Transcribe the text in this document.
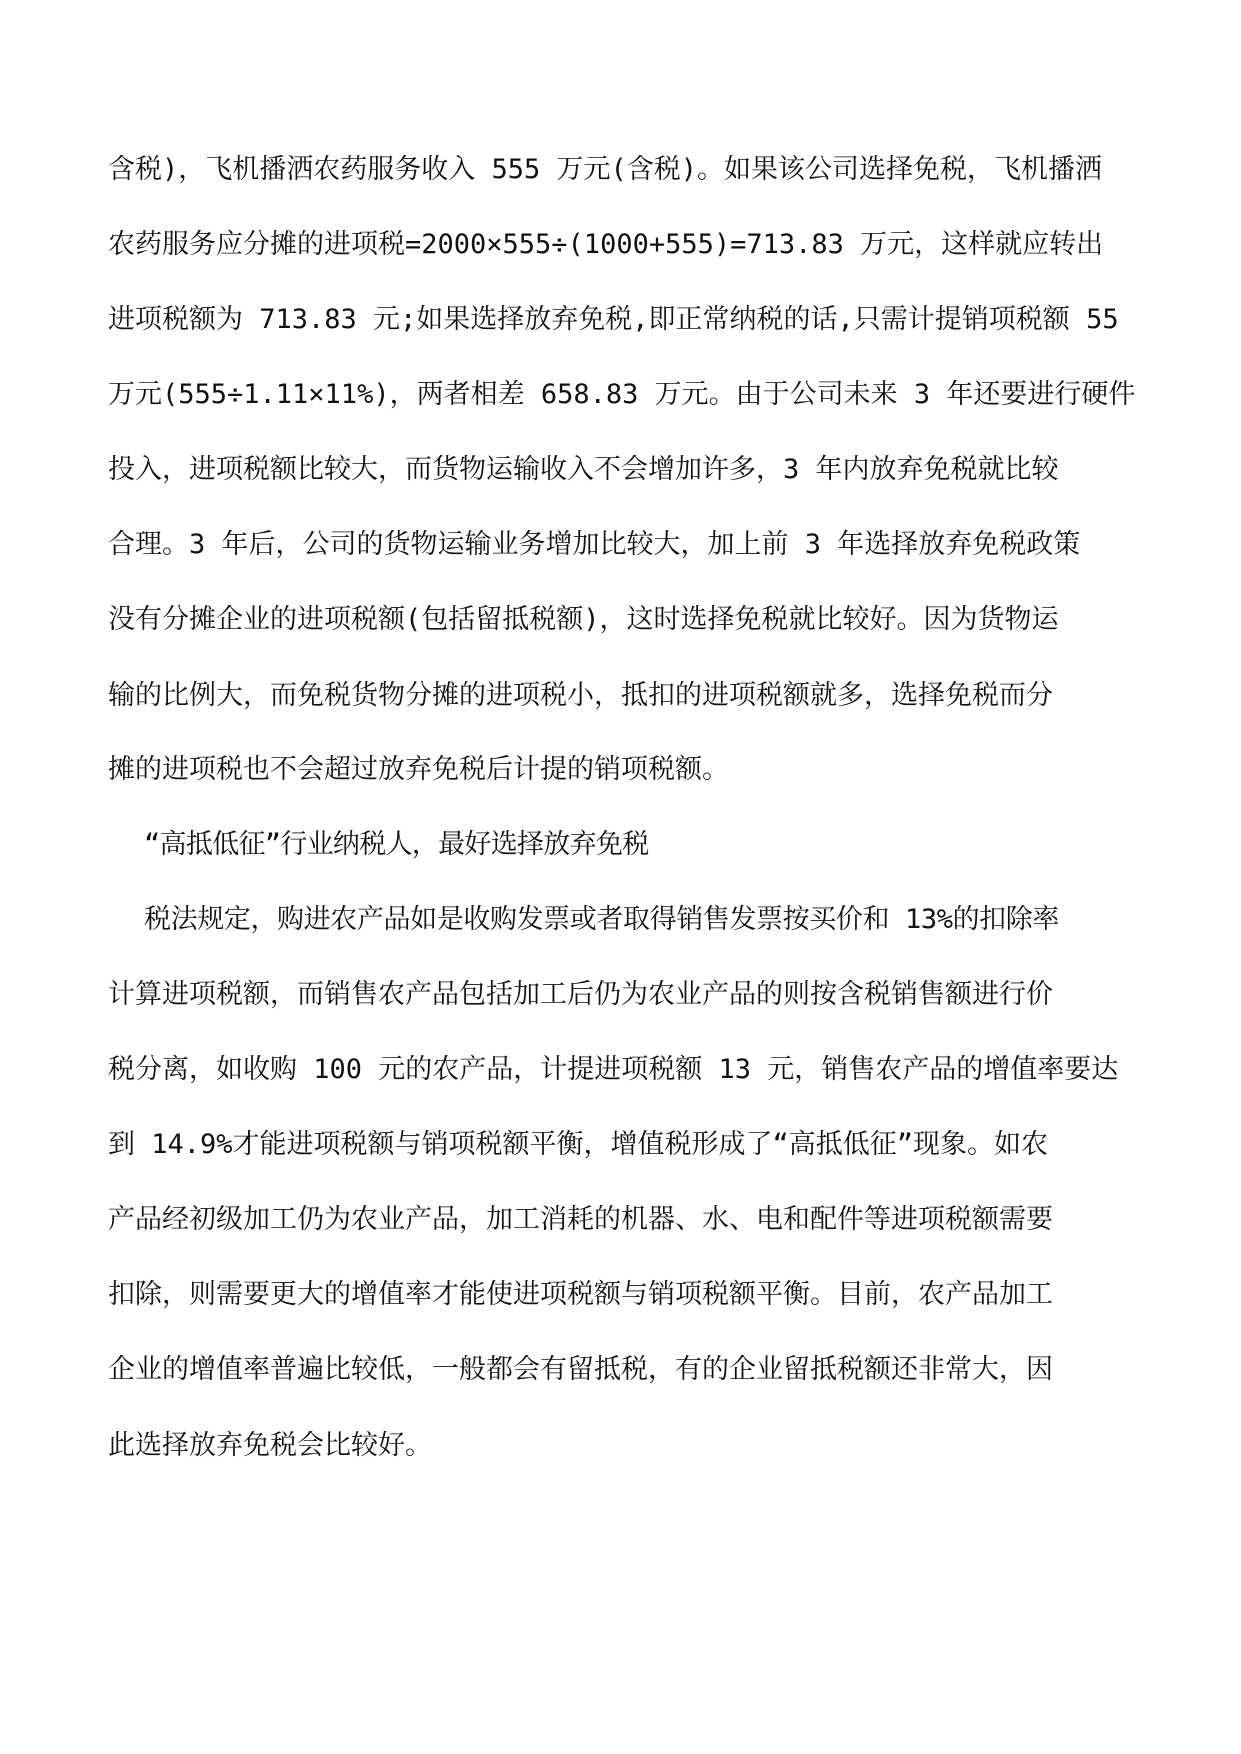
含税)，飞机播洒农药服务收入 555 万元(含税)。如果该公司选择免税，飞机播洒
农药服务应分摊的进项税=2000×555÷(1000+555)=713.83 万元，这样就应转出
进项税额为 713.83 元;如果选择放弃免税,即正常纳税的话,只需计提销项税额 55
万元(555÷1.11×11%)，两者相差 658.83 万元。由于公司未来 3 年还要进行硬件
投入，进项税额比较大，而货物运输收入不会增加许多，3 年内放弃免税就比较
合理。3 年后，公司的货物运输业务增加比较大，加上前 3 年选择放弃免税政策
没有分摊企业的进项税额(包括留抵税额)，这时选择免税就比较好。因为货物运
输的比例大，而免税货物分摊的进项税小，抵扣的进项税额就多，选择免税而分
摊的进项税也不会超过放弃免税后计提的销项税额。
“高抵低征”行业纳税人，最好选择放弃免税
税法规定，购进农产品如是收购发票或者取得销售发票按买价和 13%的扣除率
计算进项税额，而销售农产品包括加工后仍为农业产品的则按含税销售额进行价
税分离，如收购 100 元的农产品，计提进项税额 13 元，销售农产品的增值率要达
到 14.9%才能进项税额与销项税额平衡，增值税形成了“高抵低征”现象。如农
产品经初级加工仍为农业产品，加工消耗的机器、水、电和配件等进项税额需要
扣除，则需要更大的增值率才能使进项税额与销项税额平衡。目前，农产品加工
企业的增值率普遍比较低，一般都会有留抵税，有的企业留抵税额还非常大，因
此选择放弃免税会比较好。
